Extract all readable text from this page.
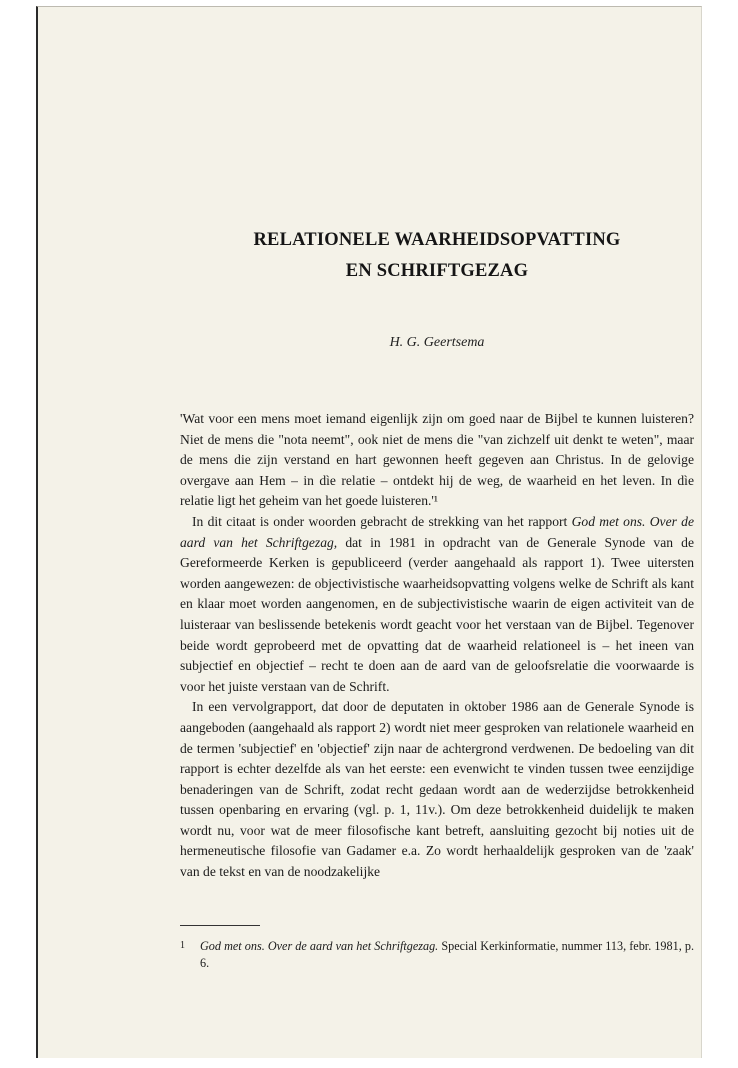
RELATIONELE WAARHEIDSOPVATTING
EN SCHRIFTGEZAG
H. G. Geertsema

'Wat voor een mens moet iemand eigenlijk zijn om goed naar de Bijbel te kunnen luisteren? Niet de mens die "nota neemt", ook niet de mens die "van zichzelf uit denkt te weten", maar de mens die zijn verstand en hart gewonnen heeft gegeven aan Christus. In de gelovige overgave aan Hem – in dìe relatie – ontdekt hij de weg, de waarheid en het leven. In dìe relatie ligt het geheim van het goede luisteren.'¹

In dit citaat is onder woorden gebracht de strekking van het rapport God met ons. Over de aard van het Schriftgezag, dat in 1981 in opdracht van de Generale Synode van de Gereformeerde Kerken is gepubliceerd (verder aangehaald als rapport 1). Twee uitersten worden aangewezen: de objectivistische waarheidsopvatting volgens welke de Schrift als kant en klaar moet worden aangenomen, en de subjectivistische waarin de eigen activiteit van de luisteraar van beslissende betekenis wordt geacht voor het verstaan van de Bijbel. Tegenover beide wordt geprobeerd met de opvatting dat de waarheid relationeel is – het ineen van subjectief en objectief – recht te doen aan de aard van de geloofsrelatie die voorwaarde is voor het juiste verstaan van de Schrift.

In een vervolgrapport, dat door de deputaten in oktober 1986 aan de Generale Synode is aangeboden (aangehaald als rapport 2) wordt niet meer gesproken van relationele waarheid en de termen 'subjectief' en 'objectief' zijn naar de achtergrond verdwenen. De bedoeling van dit rapport is echter dezelfde als van het eerste: een evenwicht te vinden tussen twee eenzijdige benaderingen van de Schrift, zodat recht gedaan wordt aan de wederzijdse betrokkenheid tussen openbaring en ervaring (vgl. p. 1, 11v.). Om deze betrokkenheid duidelijk te maken wordt nu, voor wat de meer filosofische kant betreft, aansluiting gezocht bij noties uit de hermeneutische filosofie van Gadamer e.a. Zo wordt herhaaldelijk gesproken van de 'zaak' van de tekst en van de noodzakelijke

1	God met ons. Over de aard van het Schriftgezag. Special Kerkinformatie, nummer 113, febr. 1981, p. 6.
